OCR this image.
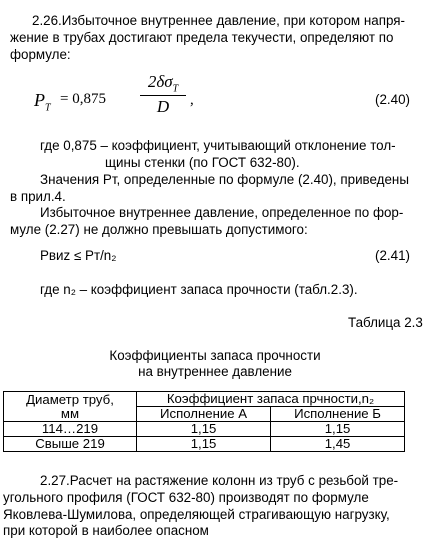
2.26.Избыточное внутреннее давление, при котором напря-
жение в трубах достигают предела текучести, определяют по
формуле:
$P_T$
= 0,875
$2\delta\sigma_T$
D	,	(2.40)
где 0,875 – коэффициент, учитывающий отклонение тол-
щины стенки (по ГОСТ 632-80).
Значения Рт, определенные по формуле (2.40), приведены
в прил.4.
Избыточное внутреннее давление, определенное по фор-
муле (2.27) не должно превышать допустимого:
Pвиz ≤ Pт/n₂	(2.41)
где n₂ – коэффициент запаса прочности (табл.2.3).
Таблица 2.3
Коэффициенты запаса прочности
на внутреннее давление
Диаметр труб,
мм	Коэффициент запаса прчности,n₂	
	Исполнение А	Исполнение Б
114…219	1,15	1,15
Свыше 219	1,15	1,45
2.27.Расчет на растяжение колонн из труб с резьбой тре-
угольного профиля (ГОСТ 632-80) производят по формуле
Яковлева-Шумилова, определяющей страгивающую нагрузку,
при которой в наиболее опасном
